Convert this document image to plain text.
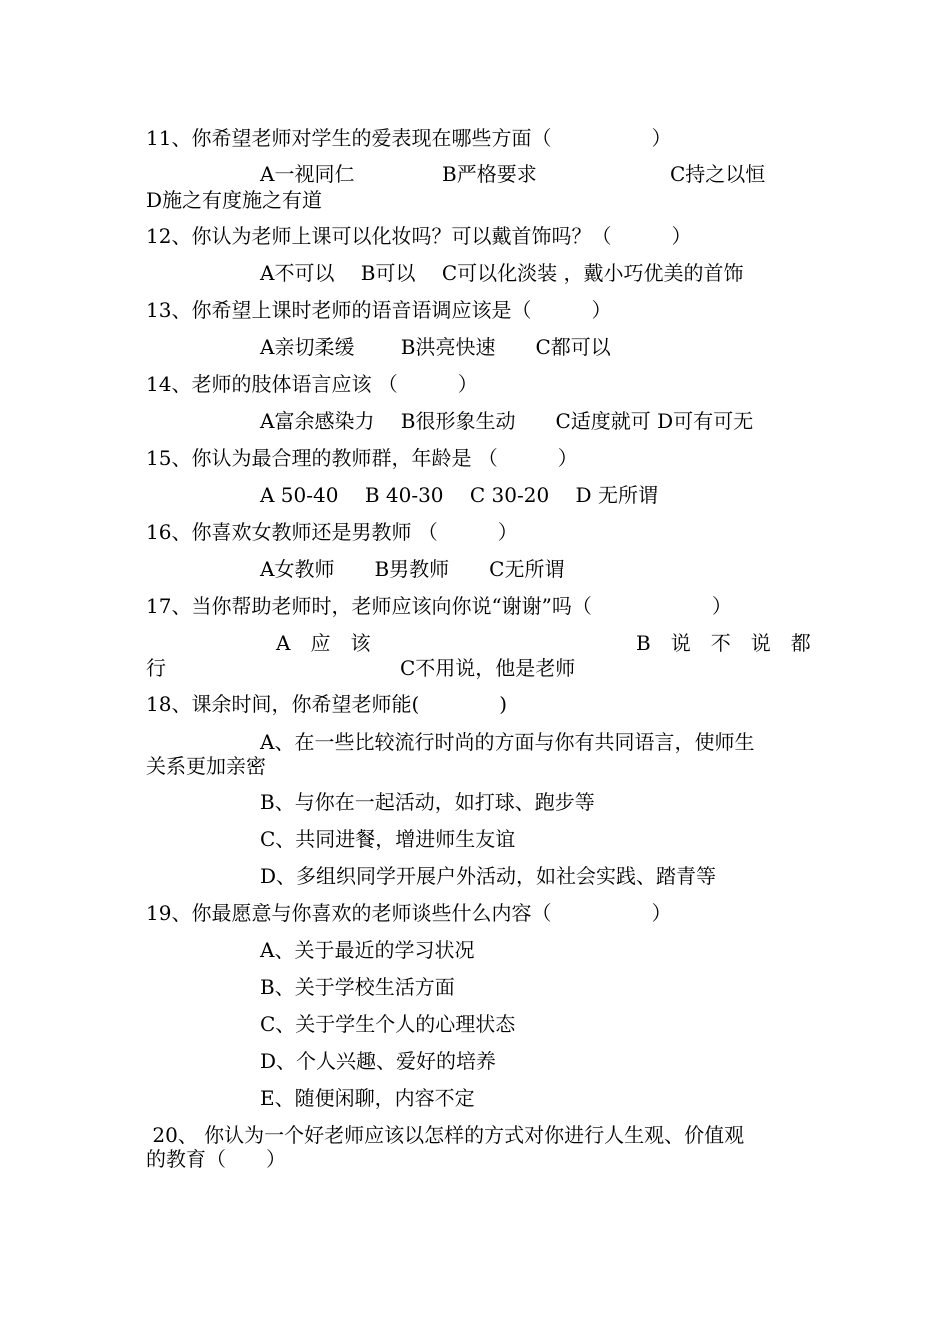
11、你希望老师对学生的爱表现在哪些方面（　　　　　）
A一视同仁	B严格要求	C持之以恒
D施之有度施之有道
12、你认为老师上课可以化妆吗？可以戴首饰吗？（　　　）
A不可以　 B可以　 C可以化淡装 ，戴小巧优美的首饰
13、你希望上课时老师的语音语调应该是（　　　）
A亲切柔缓　　 B洪亮快速　　C都可以
14、老师的肢体语言应该 （　　　）
A富余感染力　 B很形象生动　　C适度就可 D可有可无
15、你认为最合理的教师群，年龄是 （　　　）
A 50-40　 B 40-30　 C 30-20　 D 无所谓
16、你喜欢女教师还是男教师 （　　　）
A女教师　　B男教师　　C无所谓
17、当你帮助老师时，老师应该向你说“谢谢”吗（　　　　　　）
A　应　该	B　说　不　说　都
行	C不用说，他是老师
18、课余时间，你希望老师能(　　　　)
A、在一些比较流行时尚的方面与你有共同语言，使师生
关系更加亲密
B、与你在一起活动，如打球、跑步等
C、共同进餐，增进师生友谊
D、多组织同学开展户外活动，如社会实践、踏青等
19、你最愿意与你喜欢的老师谈些什么内容（　　　　　）
A、关于最近的学习状况
B、关于学校生活方面
C、关于学生个人的心理状态
D、个人兴趣、爱好的培养
E、随便闲聊，内容不定
20、 你认为一个好老师应该以怎样的方式对你进行人生观、价值观
的教育（　　）
